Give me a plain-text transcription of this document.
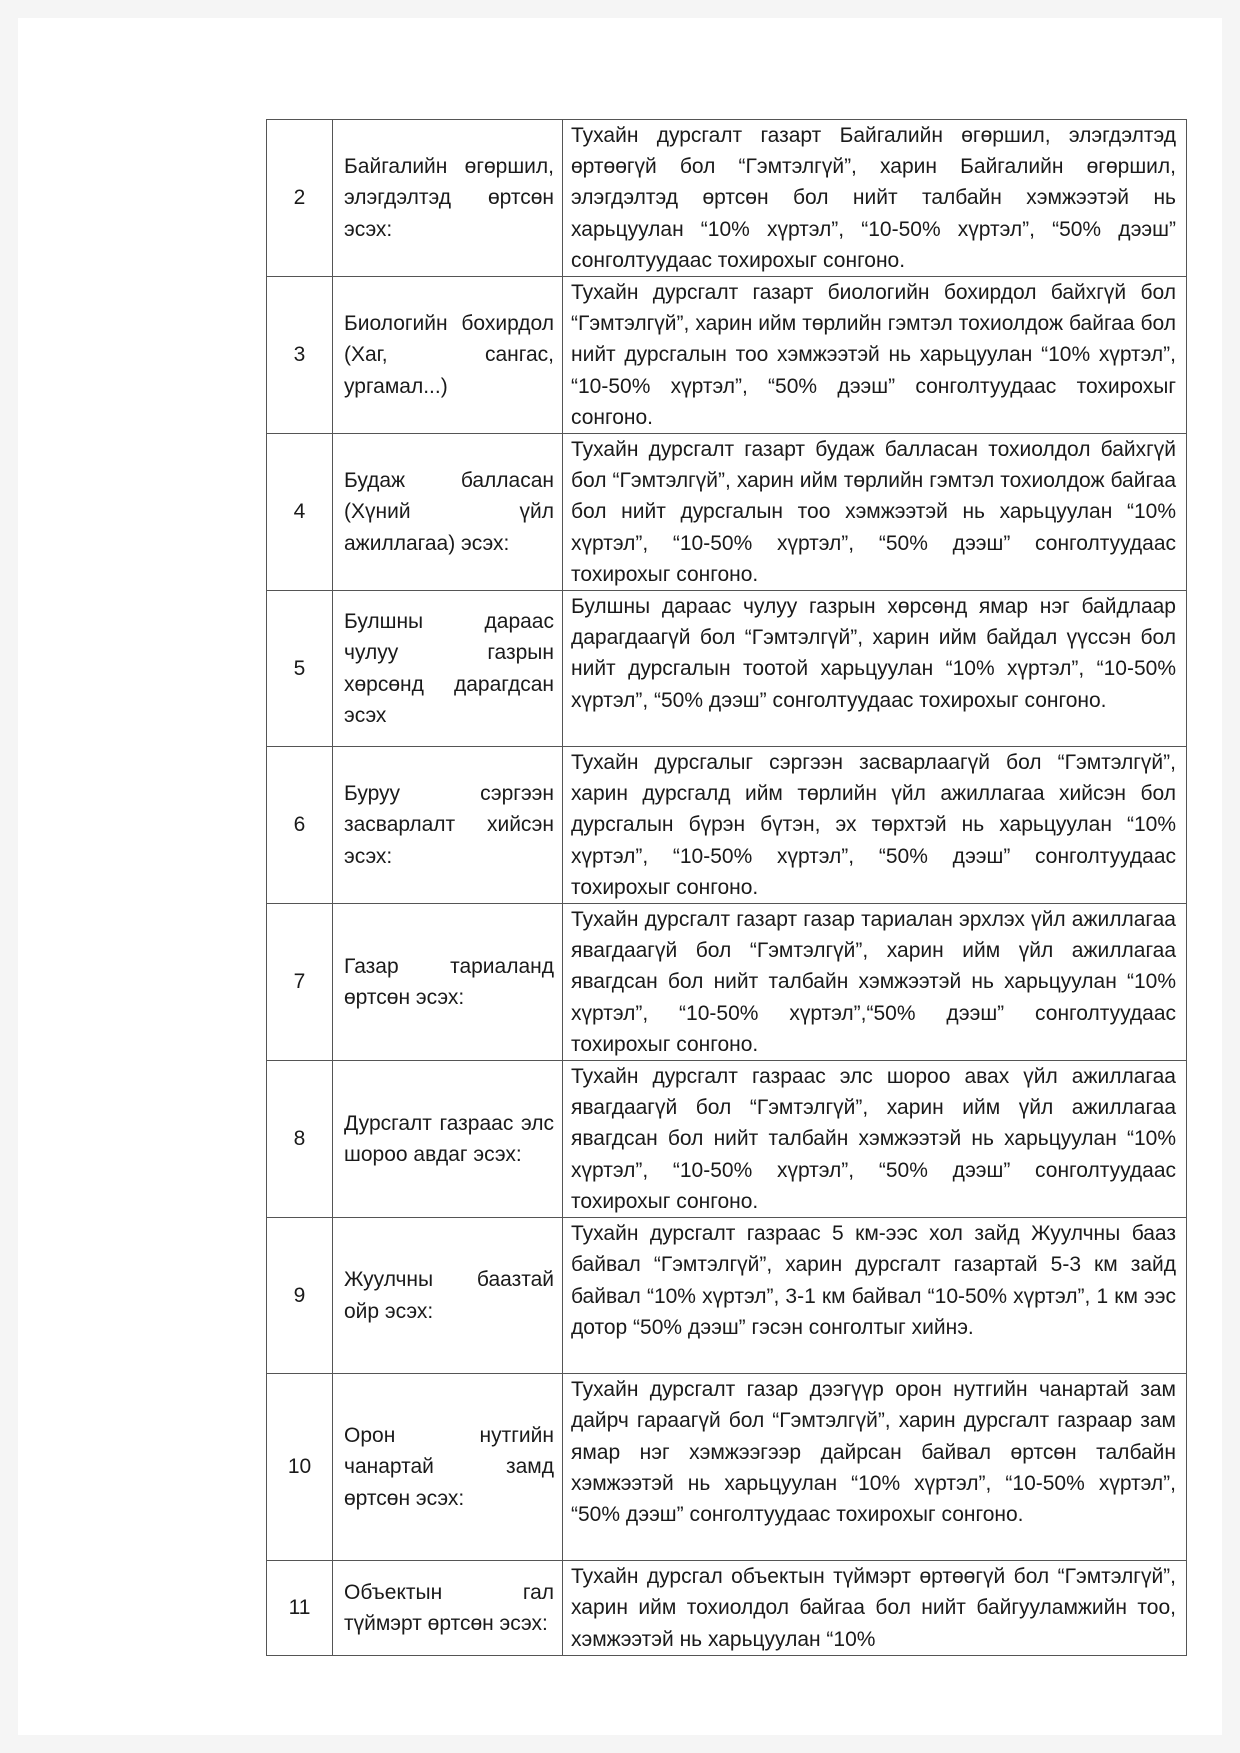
2	Байгалийн өгөршил, элэгдэлтэд өртсөн эсэх:	Тухайн дурсгалт газарт Байгалийн өгөршил, элэгдэлтэд өртөөгүй бол “Гэмтэлгүй”, харин Байгалийн өгөршил, элэгдэлтэд өртсөн бол нийт талбайн хэмжээтэй нь харьцуулан “10% хүртэл”, “10-50% хүртэл”, “50% дээш” сонголтуудаас тохирохыг сонгоно.
3	Биологийн бохирдол (Хаг, сангас, ургамал...)	Тухайн дурсгалт газарт биологийн бохирдол байхгүй бол “Гэмтэлгүй”, харин ийм төрлийн гэмтэл тохиолдож байгаа бол нийт дурсгалын тоо хэмжээтэй нь харьцуулан “10% хүртэл”, “10-50% хүртэл”, “50% дээш” сонголтуудаас тохирохыг сонгоно.
4	Будаж балласан (Хүний үйл ажиллагаа) эсэх:	Тухайн дурсгалт газарт будаж балласан тохиолдол байхгүй бол “Гэмтэлгүй”, харин ийм төрлийн гэмтэл тохиолдож байгаа бол нийт дурсгалын тоо хэмжээтэй нь харьцуулан “10% хүртэл”, “10-50% хүртэл”, “50% дээш” сонголтуудаас тохирохыг сонгоно.
5	Булшны дараас чулуу газрын хөрсөнд дарагдсан эсэх	Булшны дараас чулуу газрын хөрсөнд ямар нэг байдлаар дарагдаагүй бол “Гэмтэлгүй”, харин ийм байдал үүссэн бол нийт дурсгалын тоотой харьцуулан “10% хүртэл”, “10-50% хүртэл”, “50% дээш” сонголтуудаас тохирохыг сонгоно.
6	Буруу сэргээн засварлалт хийсэн эсэх:	Тухайн дурсгалыг сэргээн засварлаагүй бол “Гэмтэлгүй”, харин дурсгалд ийм төрлийн үйл ажиллагаа хийсэн бол дурсгалын бүрэн бүтэн, эх төрхтэй нь харьцуулан “10% хүртэл”, “10-50% хүртэл”, “50% дээш” сонголтуудаас тохирохыг сонгоно.
7	Газар тариаланд өртсөн эсэх:	Тухайн дурсгалт газарт газар тариалан эрхлэх үйл ажиллагаа явагдаагүй бол “Гэмтэлгүй”, харин ийм үйл ажиллагаа явагдсан бол нийт талбайн хэмжээтэй нь харьцуулан “10% хүртэл”, “10-50% хүртэл”,“50% дээш” сонголтуудаас тохирохыг сонгоно.
8	Дурсгалт газраас элс шороо авдаг эсэх:	Тухайн дурсгалт газраас элс шороо авах үйл ажиллагаа явагдаагүй бол “Гэмтэлгүй”, харин ийм үйл ажиллагаа явагдсан бол нийт талбайн хэмжээтэй нь харьцуулан “10% хүртэл”, “10-50% хүртэл”, “50% дээш” сонголтуудаас тохирохыг сонгоно.
9	Жуулчны баазтай ойр эсэх:	Тухайн дурсгалт газраас 5 км-ээс хол зайд Жуулчны бааз байвал “Гэмтэлгүй”, харин дурсгалт газартай 5-3 км зайд байвал “10% хүртэл”, 3-1 км байвал “10-50% хүртэл”, 1 км ээс дотор “50% дээш” гэсэн сонголтыг хийнэ.
10	Орон нутгийн чанартай замд өртсөн эсэх:	Тухайн дурсгалт газар дээгүүр орон нутгийн чанартай зам дайрч гараагүй бол “Гэмтэлгүй”, харин дурсгалт газраар зам ямар нэг хэмжээгээр дайрсан байвал өртсөн талбайн хэмжээтэй нь харьцуулан “10% хүртэл”, “10-50% хүртэл”, “50% дээш” сонголтуудаас тохирохыг сонгоно.
11	Объектын гал түймэрт өртсөн эсэх:	Тухайн дурсгал объектын түймэрт өртөөгүй бол “Гэмтэлгүй”, харин ийм тохиолдол байгаа бол нийт байгууламжийн тоо, хэмжээтэй нь харьцуулан “10%
